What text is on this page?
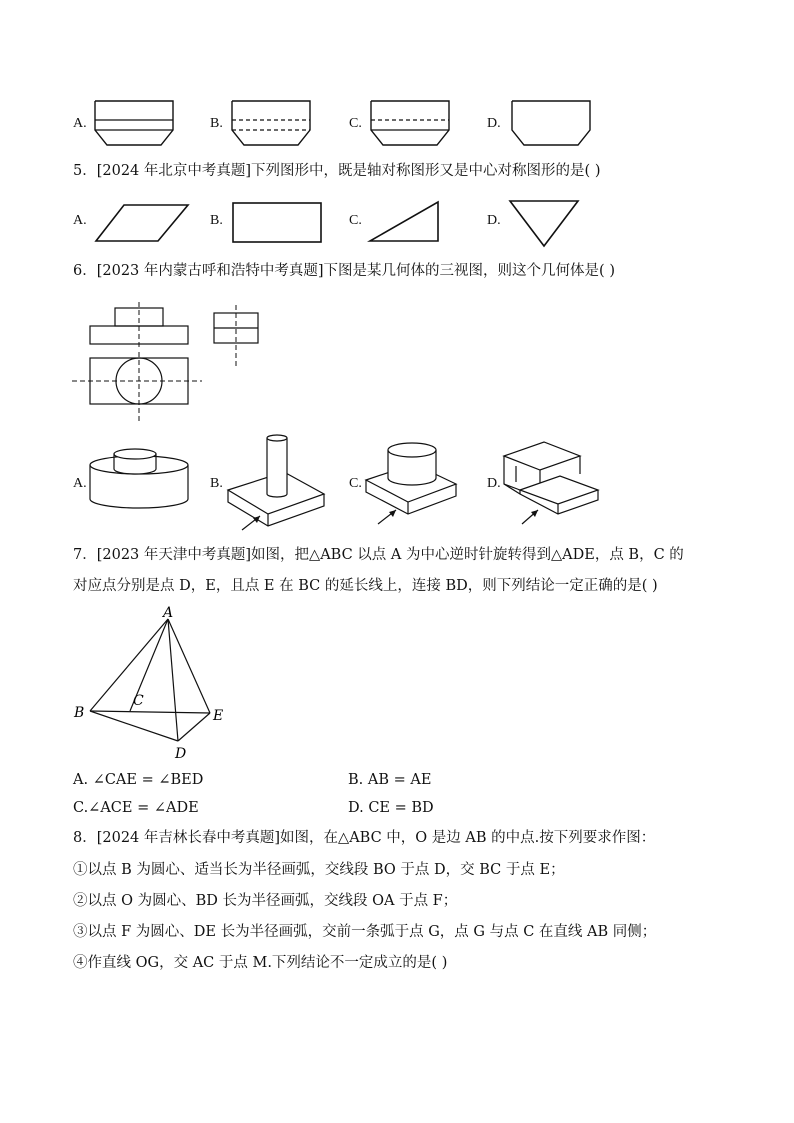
A.	B.	C.	D.
5．[2024 年北京中考真题]下列图形中，既是轴对称图形又是中心对称图形的是( )
A.	B.	C.	D.
6．[2023 年内蒙古呼和浩特中考真题]下图是某几何体的三视图，则这个几何体是( )
A.	B.	C.	D.
7．[2023 年天津中考真题]如图，把△ABC 以点 A 为中心逆时针旋转得到△ADE，点 B，C 的
对应点分别是点 D，E，且点 E 在 BC 的延长线上，连接 BD，则下列结论一定正确的是( )
A
B
C
D
E
A. ∠CAE = ∠BED	B. AB = AE
C.∠ACE = ∠ADE	D. CE = BD
8．[2024 年吉林长春中考真题]如图，在△ABC 中，O 是边 AB 的中点.按下列要求作图：
①以点 B 为圆心、适当长为半径画弧，交线段 BO 于点 D，交 BC 于点 E；
②以点 O 为圆心、BD 长为半径画弧，交线段 OA 于点 F；
③以点 F 为圆心、DE 长为半径画弧，交前一条弧于点 G，点 G 与点 C 在直线 AB 同侧；
④作直线 OG，交 AC 于点 M.下列结论不一定成立的是( )
